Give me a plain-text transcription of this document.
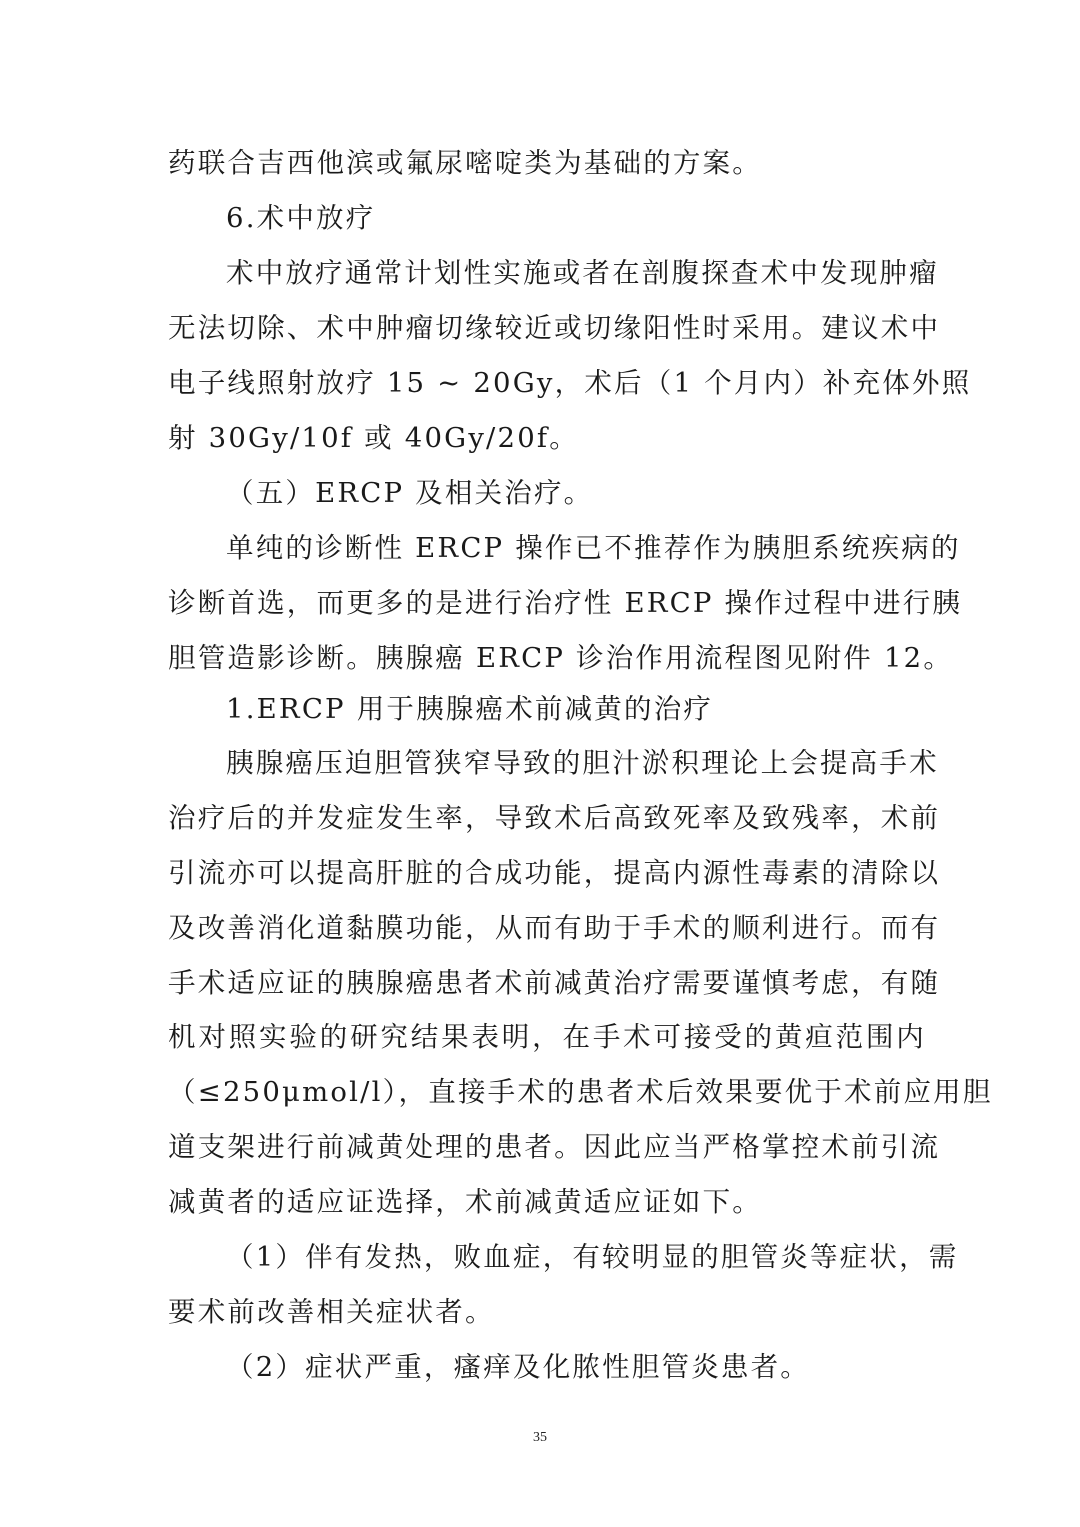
药联合吉西他滨或氟尿嘧啶类为基础的方案。
6.术中放疗
术中放疗通常计划性实施或者在剖腹探查术中发现肿瘤
无法切除、术中肿瘤切缘较近或切缘阳性时采用。建议术中
电子线照射放疗 15 ~ 20Gy，术后（1 个月内）补充体外照
射 30Gy/10f 或 40Gy/20f。
（五）ERCP 及相关治疗。
单纯的诊断性 ERCP 操作已不推荐作为胰胆系统疾病的
诊断首选，而更多的是进行治疗性 ERCP 操作过程中进行胰
胆管造影诊断。胰腺癌 ERCP 诊治作用流程图见附件 12。
1.ERCP 用于胰腺癌术前减黄的治疗
胰腺癌压迫胆管狭窄导致的胆汁淤积理论上会提高手术
治疗后的并发症发生率，导致术后高致死率及致残率，术前
引流亦可以提高肝脏的合成功能，提高内源性毒素的清除以
及改善消化道黏膜功能，从而有助于手术的顺利进行。而有
手术适应证的胰腺癌患者术前减黄治疗需要谨慎考虑，有随
机对照实验的研究结果表明，在手术可接受的黄疸范围内
（≤250μmol/l），直接手术的患者术后效果要优于术前应用胆
道支架进行前减黄处理的患者。因此应当严格掌控术前引流
减黄者的适应证选择，术前减黄适应证如下。
（1）伴有发热，败血症，有较明显的胆管炎等症状，需
要术前改善相关症状者。
（2）症状严重，瘙痒及化脓性胆管炎患者。
35
